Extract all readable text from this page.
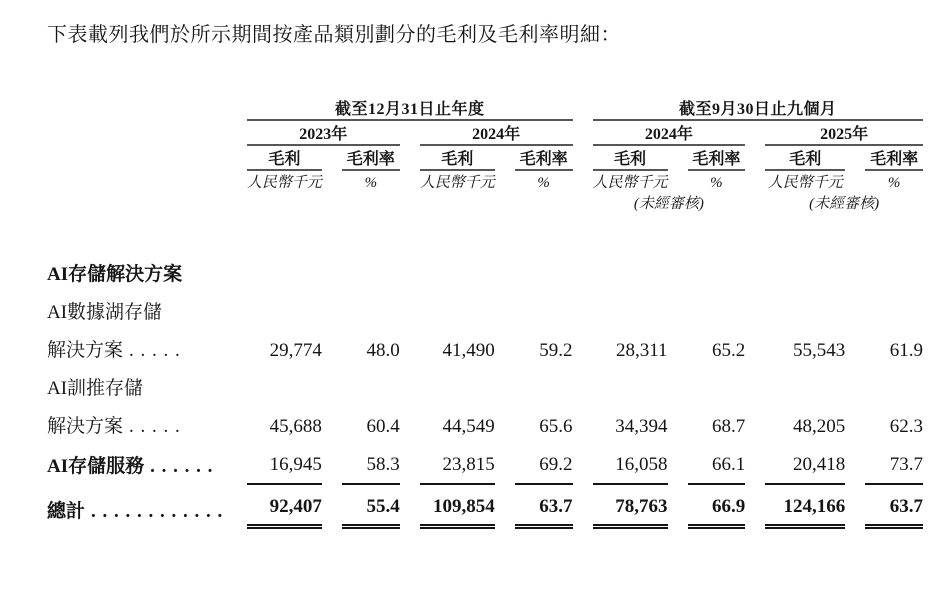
下表載列我們於所示期間按產品類別劃分的毛利及毛利率明細：

	截至12月31日止年度				截至9月30日止九個月			
	2023年		2024年		2024年		2025年	
	毛利	毛利率	毛利	毛利率	毛利	毛利率	毛利	毛利率
	人民幣千元	%	人民幣千元	%	人民幣千元	%	人民幣千元	%
					(未經審核)		(未經審核)	
AI存儲解決方案								
AI數據湖存儲								
解決方案 . . . . .	29,774	48.0	41,490	59.2	28,311	65.2	55,543	61.9
AI訓推存儲								
解決方案 . . . . .	45,688	60.4	44,549	65.6	34,394	68.7	48,205	62.3
AI存儲服務 . . . . . .	16,945	58.3	23,815	69.2	16,058	66.1	20,418	73.7
總計 . . . . . . . . . . . .	92,407	55.4	109,854	63.7	78,763	66.9	124,166	63.7
